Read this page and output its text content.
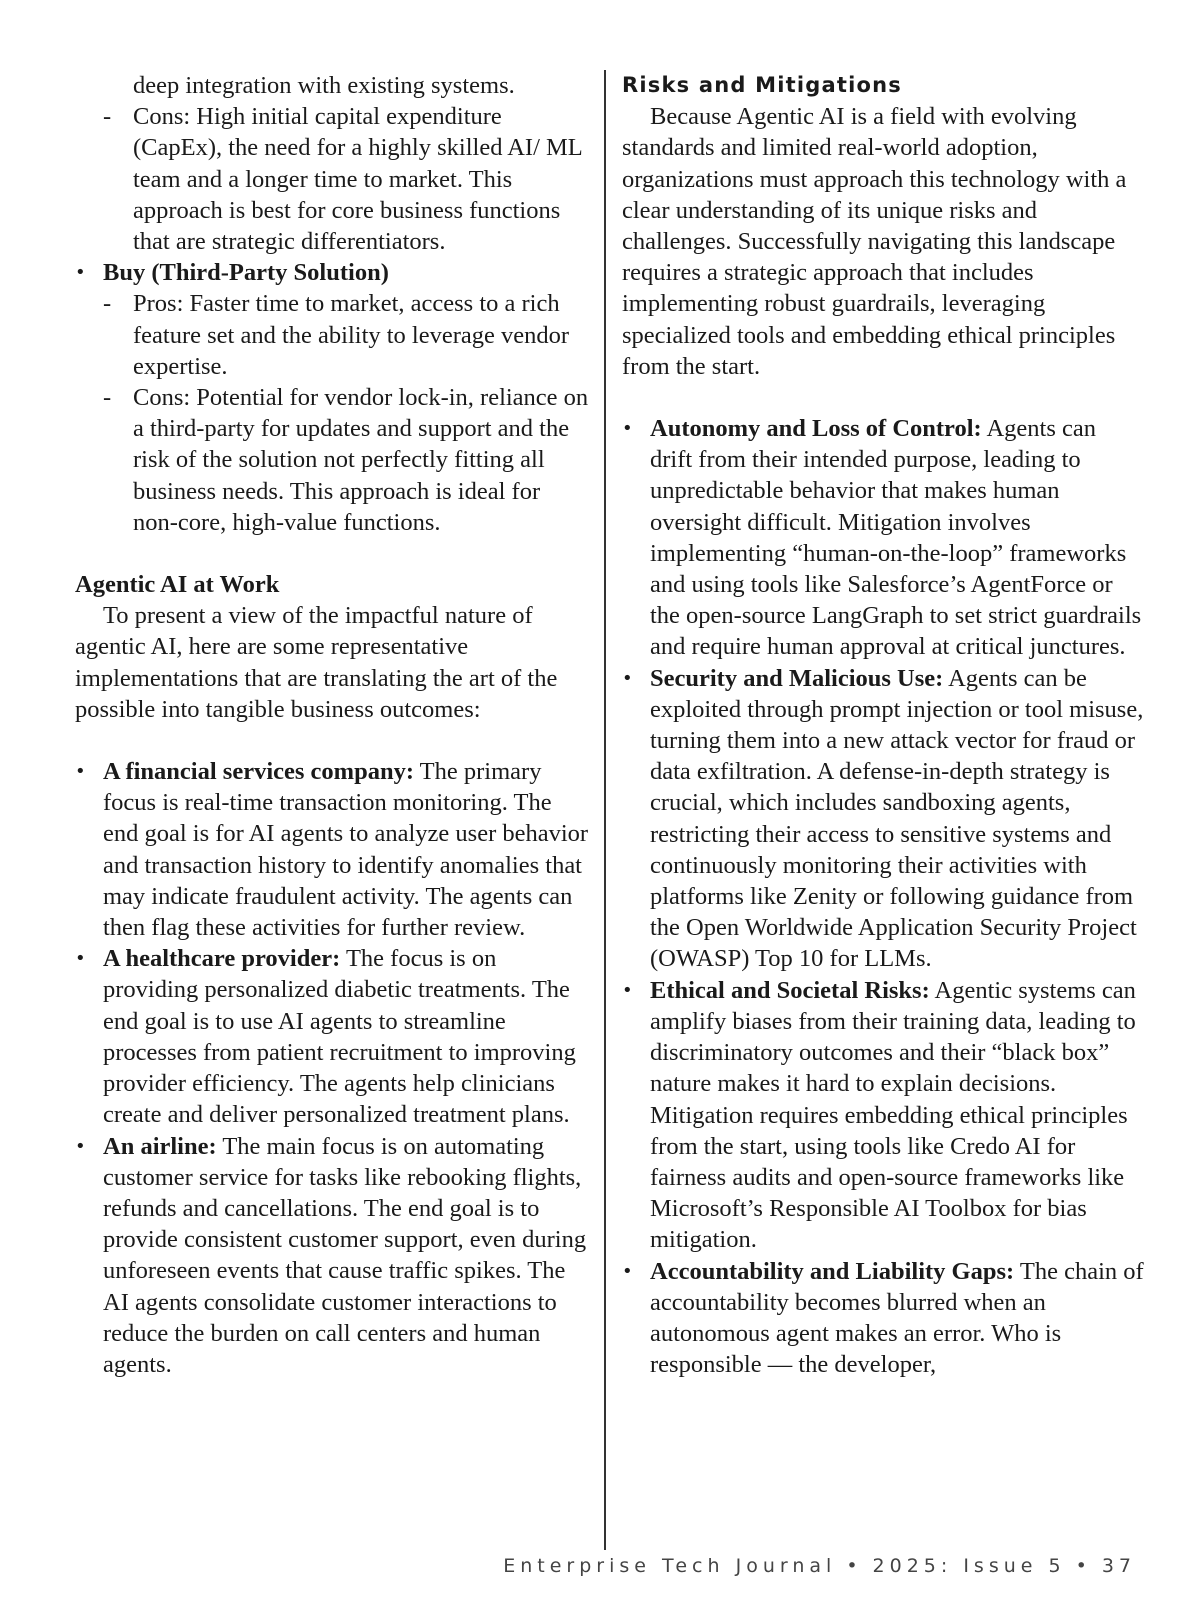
deep integration with existing systems.

- Cons: High initial capital expenditure (CapEx), the need for a highly skilled AI/ ML team and a longer time to market. This approach is best for core business functions that are strategic differentiators.
• Buy (Third-Party Solution)
- Pros: Faster time to market, access to a rich feature set and the ability to leverage vendor expertise.
- Cons: Potential for vendor lock-in, reliance on a third-party for updates and support and the risk of the solution not perfectly fitting all business needs. This approach is ideal for non-core, high-value functions.

Agentic AI at Work

To present a view of the impactful nature of agentic AI, here are some representative implementations that are translating the art of the possible into tangible business outcomes:

• A financial services company: The primary focus is real-time transaction monitoring. The end goal is for AI agents to analyze user behavior and transaction history to identify anomalies that may indicate fraudulent activity. The agents can then flag these activities for further review.
• A healthcare provider: The focus is on providing personalized diabetic treatments. The end goal is to use AI agents to streamline processes from patient recruitment to improving provider efficiency. The agents help clinicians create and deliver personalized treatment plans.
• An airline: The main focus is on automating customer service for tasks like rebooking flights, refunds and cancellations. The end goal is to provide consistent customer support, even during unforeseen events that cause traffic spikes. The AI agents consolidate customer interactions to reduce the burden on call centers and human agents.

Risks and Mitigations

Because Agentic AI is a field with evolving standards and limited real-world adoption, organizations must approach this technology with a clear understanding of its unique risks and challenges. Successfully navigating this landscape requires a strategic approach that includes implementing robust guardrails, leveraging specialized tools and embedding ethical principles from the start.

• Autonomy and Loss of Control: Agents can drift from their intended purpose, leading to unpredictable behavior that makes human oversight difficult. Mitigation involves implementing “human-on-the-loop” frameworks and using tools like Salesforce’s AgentForce or the open-source LangGraph to set strict guardrails and require human approval at critical junctures.
• Security and Malicious Use: Agents can be exploited through prompt injection or tool misuse, turning them into a new attack vector for fraud or data exfiltration. A defense-in-depth strategy is crucial, which includes sandboxing agents, restricting their access to sensitive systems and continuously monitoring their activities with platforms like Zenity or following guidance from the Open Worldwide Application Security Project (OWASP) Top 10 for LLMs.
• Ethical and Societal Risks: Agentic systems can amplify biases from their training data, leading to discriminatory outcomes and their “black box” nature makes it hard to explain decisions. Mitigation requires embedding ethical principles from the start, using tools like Credo AI for fairness audits and open-source frameworks like Microsoft’s Responsible AI Toolbox for bias mitigation.
• Accountability and Liability Gaps: The chain of accountability becomes blurred when an autonomous agent makes an error. Who is responsible — the developer,
Enterprise Tech Journal • 2025: Issue 5 • 37
